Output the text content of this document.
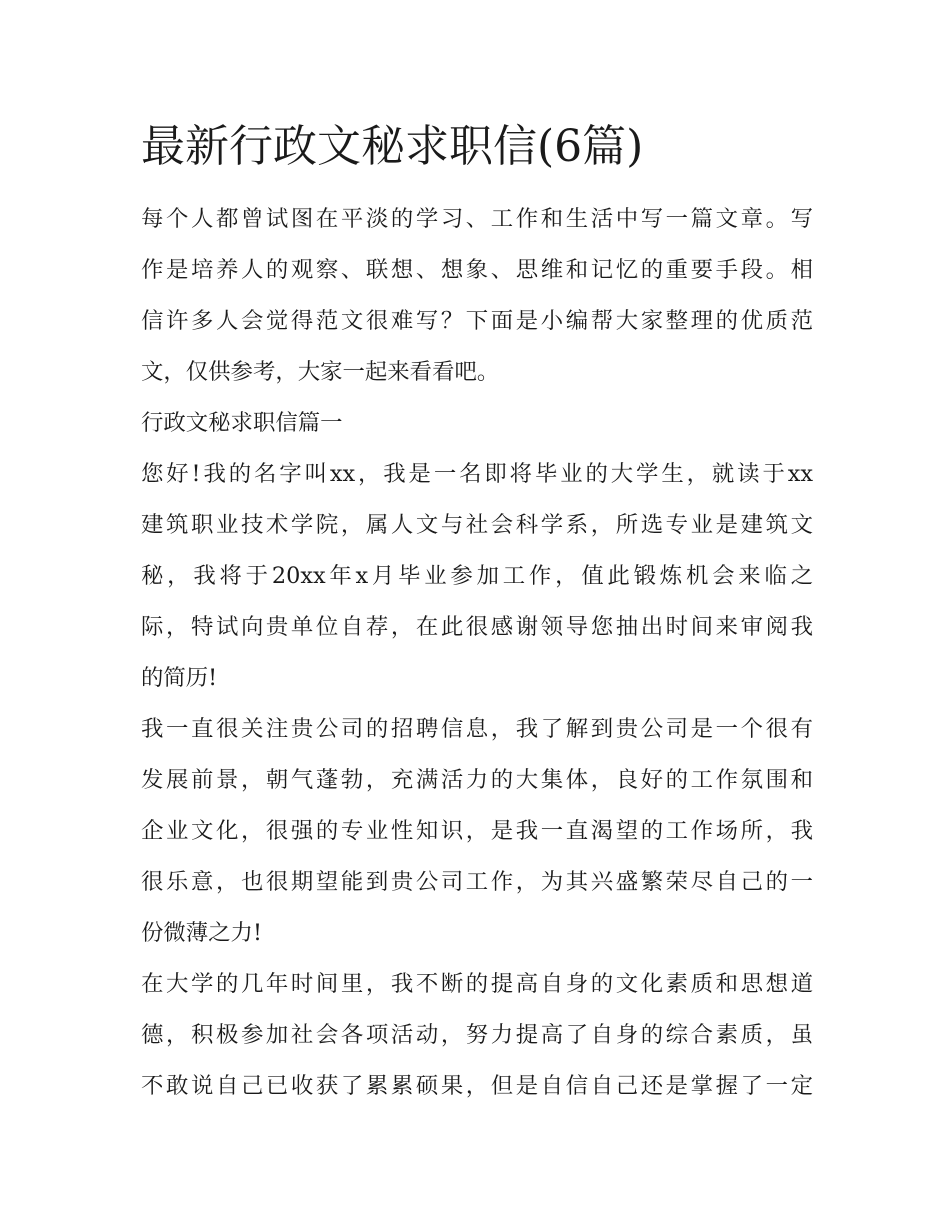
最新行政文秘求职信(6篇)

每个人都曾试图在平淡的学习、工作和生活中写一篇文章。写
作是培养人的观察、联想、想象、思维和记忆的重要手段。相
信许多人会觉得范文很难写？下面是小编帮大家整理的优质范
文，仅供参考，大家一起来看看吧。

行政文秘求职信篇一

您好!我的名字叫xx，我是一名即将毕业的大学生，就读于xx
建筑职业技术学院，属人文与社会科学系，所选专业是建筑文
秘，我将于20xx年x月毕业参加工作，值此锻炼机会来临之
际，特试向贵单位自荐，在此很感谢领导您抽出时间来审阅我
的简历!

我一直很关注贵公司的招聘信息，我了解到贵公司是一个很有
发展前景，朝气蓬勃，充满活力的大集体，良好的工作氛围和
企业文化，很强的专业性知识，是我一直渴望的工作场所，我
很乐意，也很期望能到贵公司工作，为其兴盛繁荣尽自己的一
份微薄之力!

在大学的几年时间里，我不断的提高自身的文化素质和思想道
德，积极参加社会各项活动，努力提高了自身的综合素质，虽
不敢说自己已收获了累累硕果，但是自信自己还是掌握了一定
